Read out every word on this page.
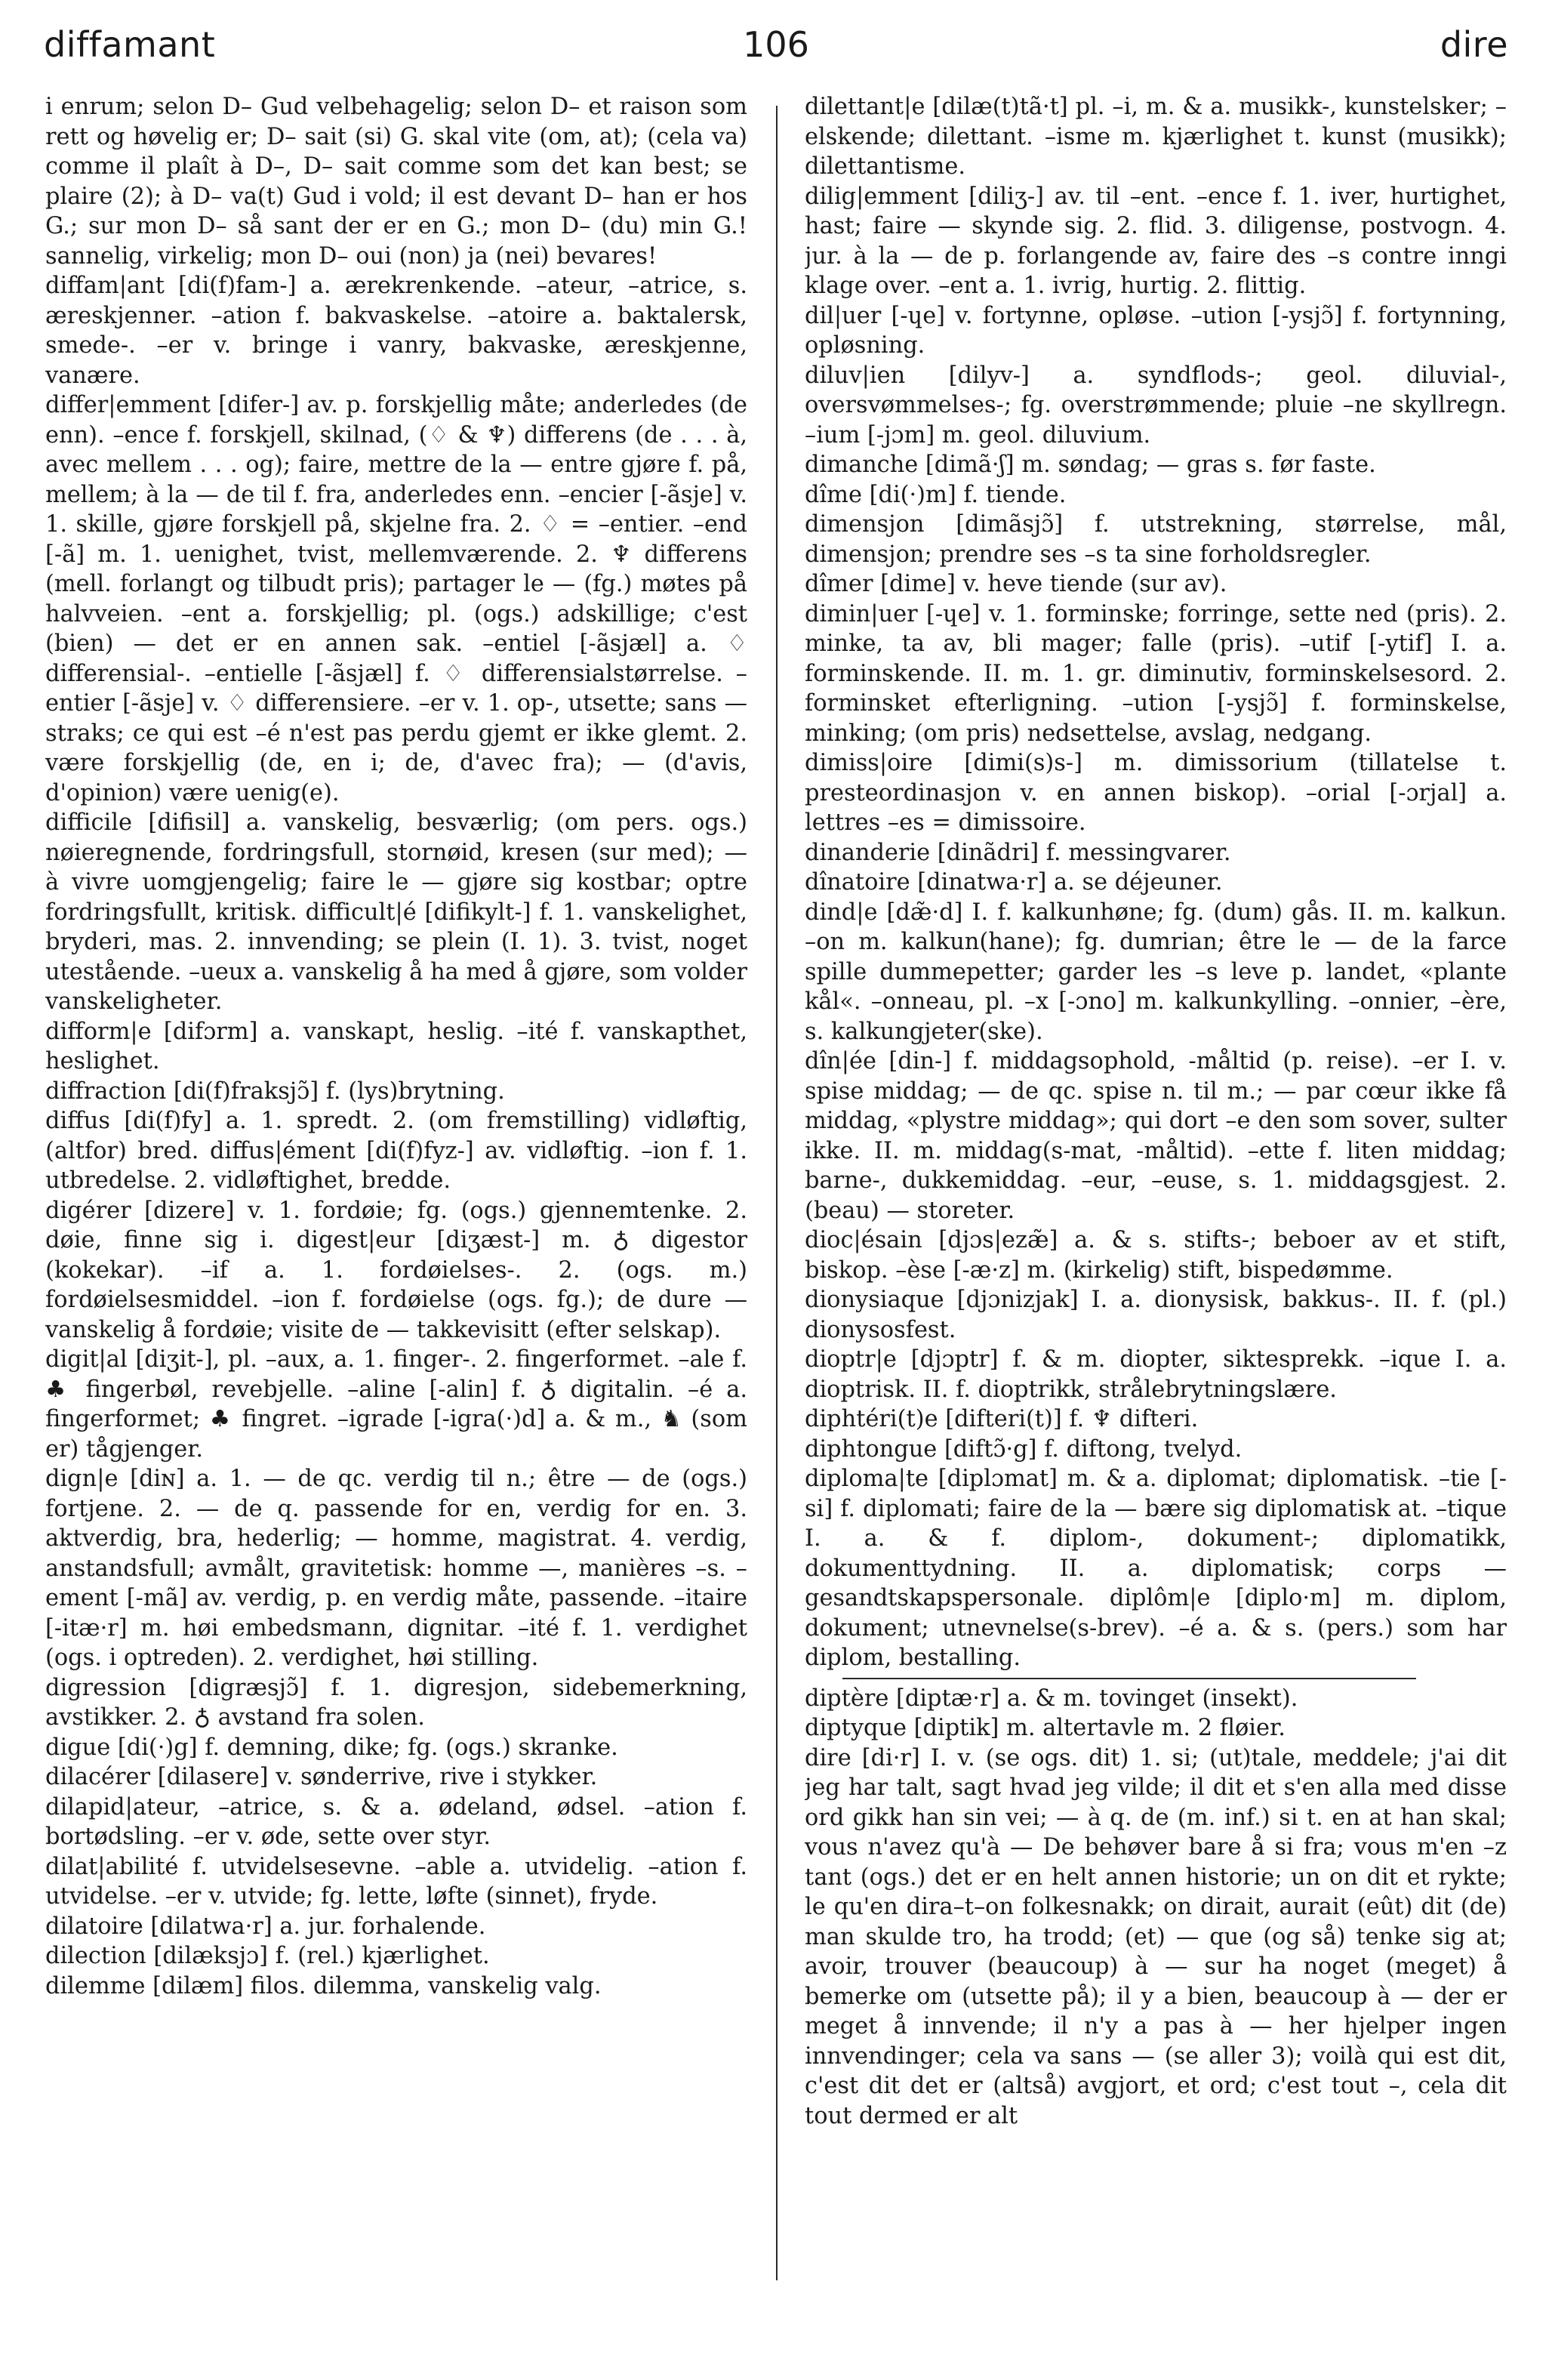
diffamant	106	dire

i enrum; selon D– Gud velbehagelig; selon D– et raison som rett og høvelig er; D– sait (si) G. skal vite (om, at); (cela va) comme il plaît à D–, D– sait comme som det kan best; se plaire (2); à D– va(t) Gud i vold; il est devant D– han er hos G.; sur mon D– så sant der er en G.; mon D– (du) min G.! sannelig, virkelig; mon D– oui (non) ja (nei) bevares!

diffam|ant [di(f)fam-] a. ærekrenkende. –ateur, –atrice, s. æreskjenner. –ation f. bakvaskelse. –atoire a. baktalersk, smede-. –er v. bringe i vanry, bakvaske, æreskjenne, vanære.

differ|emment [difer-] av. p. forskjellig måte; anderledes (de enn). –ence f. forskjell, skilnad, (♢ & ♆) differens (de . . . à, avec mellem . . . og); faire, mettre de la — entre gjøre f. på, mellem; à la — de til f. fra, anderledes enn. –encier [-ãsje] v. 1. skille, gjøre forskjell på, skjelne fra. 2. ♢ = –entier. –end [-ã] m. 1. uenighet, tvist, mellemværende. 2. ♆ differens (mell. forlangt og tilbudt pris); partager le — (fg.) møtes på halvveien. –ent a. forskjellig; pl. (ogs.) adskillige; c'est (bien) — det er en annen sak. –entiel [-ãsjæl] a. ♢ differensial-. –entielle [-ãsjæl] f. ♢ differensialstørrelse. –entier [-ãsje] v. ♢ differensiere. –er v. 1. op-, utsette; sans — straks; ce qui est –é n'est pas perdu gjemt er ikke glemt. 2. være forskjellig (de, en i; de, d'avec fra); — (d'avis, d'opinion) være uenig(e).

difficile [difisil] a. vanskelig, besværlig; (om pers. ogs.) nøieregnende, fordringsfull, stornøid, kresen (sur med); — à vivre uomgjengelig; faire le — gjøre sig kostbar; optre fordringsfullt, kritisk. difficult|é [difikylt-] f. 1. vanskelighet, bryderi, mas. 2. innvending; se plein (I. 1). 3. tvist, noget utestående. –ueux a. vanskelig å ha med å gjøre, som volder vanskeligheter.

difform|e [difɔrm] a. vanskapt, heslig. –ité f. vanskapthet, heslighet.

diffraction [di(f)fraksjɔ̃] f. (lys)brytning.

diffus [di(f)fy] a. 1. spredt. 2. (om fremstilling) vidløftig, (altfor) bred. diffus|ément [di(f)fyz-] av. vidløftig. –ion f. 1. utbredelse. 2. vidløftighet, bredde.

digérer [dizere] v. 1. fordøie; fg. (ogs.) gjennemtenke. 2. døie, finne sig i. digest|eur [diʒæst-] m. ♁ digestor (kokekar). –if a. 1. fordøielses-. 2. (ogs. m.) fordøielsesmiddel. –ion f. fordøielse (ogs. fg.); de dure — vanskelig å fordøie; visite de — takkevisitt (efter selskap).

digit|al [diʒit-], pl. –aux, a. 1. finger-. 2. fingerformet. –ale f. ♣ fingerbøl, revebjelle. –aline [-alin] f. ♁ digitalin. –é a. fingerformet; ♣ fingret. –igrade [-igra(·)d] a. & m., ♞ (som er) tågjenger.

dign|e [diɴ] a. 1. — de qc. verdig til n.; être — de (ogs.) fortjene. 2. — de q. passende for en, verdig for en. 3. aktverdig, bra, hederlig; — homme, magistrat. 4. verdig, anstandsfull; avmålt, gravitetisk: homme —, manières –s. –ement [-mã] av. verdig, p. en verdig måte, passende. –itaire [-itæ·r] m. høi embedsmann, dignitar. –ité f. 1. verdighet (ogs. i optreden). 2. verdighet, høi stilling.

digression [digræsjɔ̃] f. 1. digresjon, sidebemerkning, avstikker. 2. ♁ avstand fra solen.

digue [di(·)g] f. demning, dike; fg. (ogs.) skranke.

dilacérer [dilasere] v. sønderrive, rive i stykker.

dilapid|ateur, –atrice, s. & a. ødeland, ødsel. –ation f. bortødsling. –er v. øde, sette over styr.

dilat|abilité f. utvidelsesevne. –able a. utvidelig. –ation f. utvidelse. –er v. utvide; fg. lette, løfte (sinnet), fryde.

dilatoire [dilatwa·r] a. jur. forhalende.

dilection [dilæksjɔ] f. (rel.) kjærlighet.

dilemme [dilæm] filos. dilemma, vanskelig valg.

dilettant|e [dilæ(t)tã·t] pl. –i, m. & a. musikk-, kunstelsker; –elskende; dilettant. –isme m. kjærlighet t. kunst (musikk); dilettantisme.

dilig|emment [diliʒ-] av. til –ent. –ence f. 1. iver, hurtighet, hast; faire — skynde sig. 2. flid. 3. diligense, postvogn. 4. jur. à la — de p. forlangende av, faire des –s contre inngi klage over. –ent a. 1. ivrig, hurtig. 2. flittig.

dil|uer [-ɥe] v. fortynne, opløse. –ution [-ysjɔ̃] f. fortynning, opløsning.

diluv|ien [dilyv-] a. syndflods-; geol. diluvial-, oversvømmelses-; fg. overstrømmende; pluie –ne skyllregn. –ium [-jɔm] m. geol. diluvium.

dimanche [dimã·ʃ] m. søndag; — gras s. før faste.

dîme [di(·)m] f. tiende.

dimensjon [dimãsjɔ̃] f. utstrekning, størrelse, mål, dimensjon; prendre ses –s ta sine forholdsregler.

dîmer [dime] v. heve tiende (sur av).

dimin|uer [-ɥe] v. 1. forminske; forringe, sette ned (pris). 2. minke, ta av, bli mager; falle (pris). –utif [-ytif] I. a. forminskende. II. m. 1. gr. diminutiv, forminskelsesord. 2. forminsket efterligning. –ution [-ysjɔ̃] f. forminskelse, minking; (om pris) nedsettelse, avslag, nedgang.

dimiss|oire [dimi(s)s-] m. dimissorium (tillatelse t. presteordinasjon v. en annen biskop). –orial [-ɔrjal] a. lettres –es = dimissoire.

dinanderie [dinãdri] f. messingvarer.

dînatoire [dinatwa·r] a. se déjeuner.

dind|e [dæ̃·d] I. f. kalkunhøne; fg. (dum) gås. II. m. kalkun. –on m. kalkun(hane); fg. dumrian; être le — de la farce spille dummepetter; garder les –s leve p. landet, «plante kål«. –onneau, pl. –x [-ɔno] m. kalkunkylling. –onnier, –ère, s. kalkungjeter(ske).

dîn|ée [din-] f. middagsophold, -måltid (p. reise). –er I. v. spise middag; — de qc. spise n. til m.; — par cœur ikke få middag, «plystre middag»; qui dort –e den som sover, sulter ikke. II. m. middag(s-mat, -måltid). –ette f. liten middag; barne-, dukkemiddag. –eur, –euse, s. 1. middagsgjest. 2. (beau) — storeter.

dioc|ésain [djɔs|ezæ̃] a. & s. stifts-; beboer av et stift, biskop. –èse [-æ·z] m. (kirkelig) stift, bispedømme.

dionysiaque [djɔnizjak] I. a. dionysisk, bakkus-. II. f. (pl.) dionysosfest.

dioptr|e [djɔptr] f. & m. diopter, siktesprekk. –ique I. a. dioptrisk. II. f. dioptrikk, strålebrytningslære.

diphtéri(t)e [difteri(t)] f. ♆ difteri.

diphtongue [diftɔ̃·g] f. diftong, tvelyd.

diploma|te [diplɔmat] m. & a. diplomat; diplomatisk. –tie [-si] f. diplomati; faire de la — bære sig diplomatisk at. –tique I. a. & f. diplom-, dokument-; diplomatikk, dokumenttydning. II. a. diplomatisk; corps — gesandtskapspersonale. diplôm|e [diplo·m] m. diplom, dokument; utnevnelse(s-brev). –é a. & s. (pers.) som har diplom, bestalling.

diptère [diptæ·r] a. & m. tovinget (insekt).

diptyque [diptik] m. altertavle m. 2 fløier.

dire [di·r] I. v. (se ogs. dit) 1. si; (ut)tale, meddele; j'ai dit jeg har talt, sagt hvad jeg vilde; il dit et s'en alla med disse ord gikk han sin vei; — à q. de (m. inf.) si t. en at han skal; vous n'avez qu'à — De behøver bare å si fra; vous m'en –z tant (ogs.) det er en helt annen historie; un on dit et rykte; le qu'en dira–t–on folkesnakk; on dirait, aurait (eût) dit (de) man skulde tro, ha trodd; (et) — que (og så) tenke sig at; avoir, trouver (beaucoup) à — sur ha noget (meget) å bemerke om (utsette på); il y a bien, beaucoup à — der er meget å innvende; il n'y a pas à — her hjelper ingen innvendinger; cela va sans — (se aller 3); voilà qui est dit, c'est dit det er (altså) avgjort, et ord; c'est tout –, cela dit tout dermed er alt
